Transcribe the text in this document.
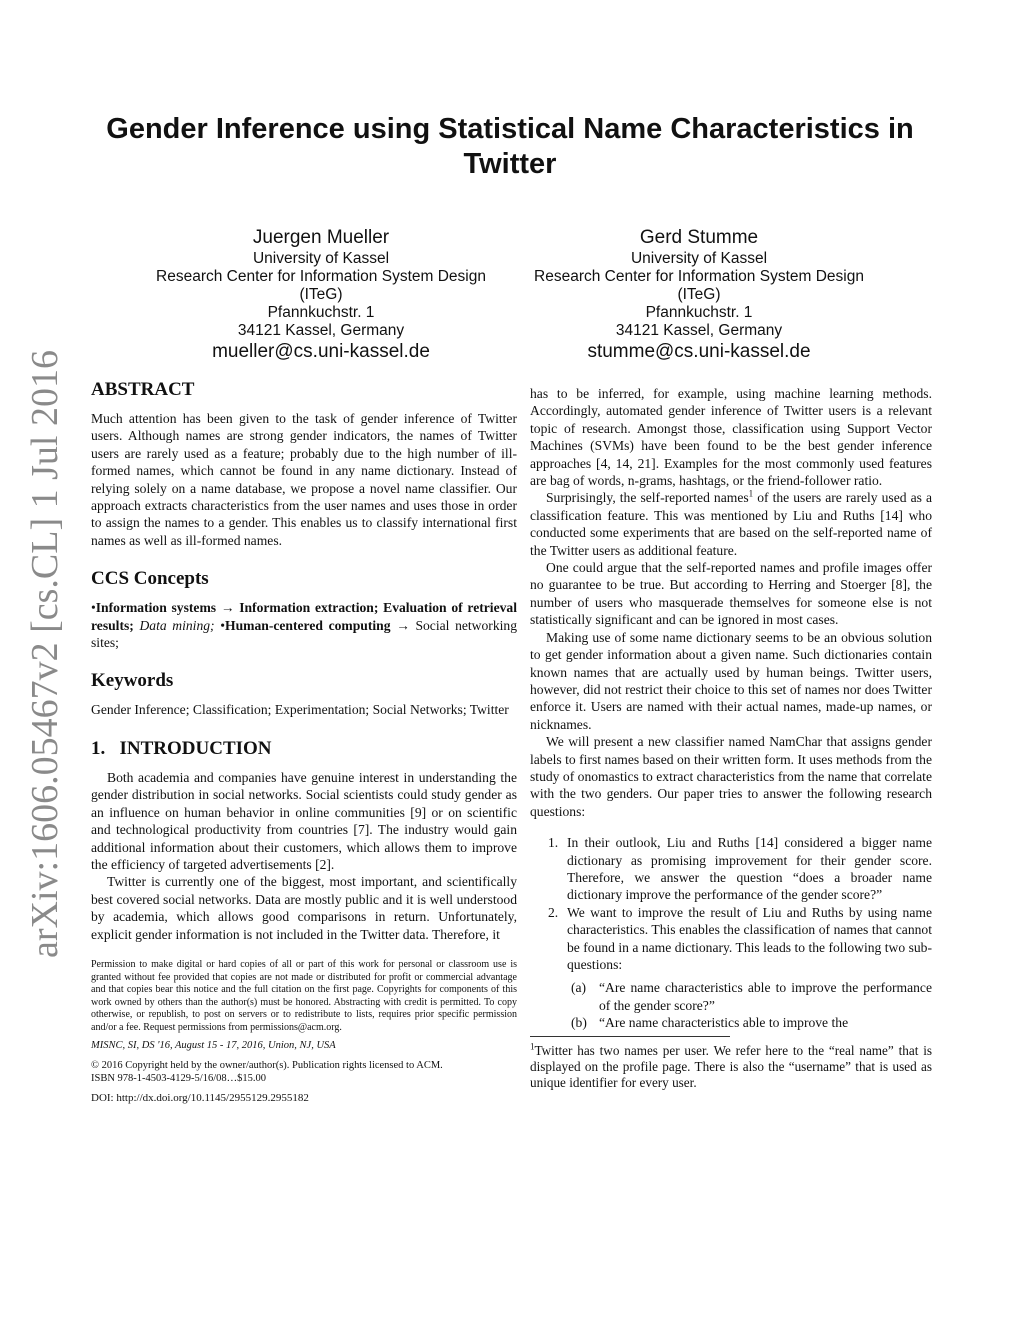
arXiv:1606.05467v2 [cs.CL] 1 Jul 2016
Gender Inference using Statistical Name Characteristics in
Twitter
Juergen Mueller
University of Kassel
Research Center for Information System Design
(ITeG)
Pfannkuchstr. 1
34121 Kassel, Germany
mueller@cs.uni-kassel.de
Gerd Stumme
University of Kassel
Research Center for Information System Design
(ITeG)
Pfannkuchstr. 1
34121 Kassel, Germany
stumme@cs.uni-kassel.de
ABSTRACT

Much attention has been given to the task of gender inference of Twitter users. Although names are strong gender indicators, the names of Twitter users are rarely used as a feature; probably due to the high number of ill-formed names, which cannot be found in any name dictionary. Instead of relying solely on a name database, we propose a novel name classifier. Our approach extracts characteristics from the user names and uses those in order to assign the names to a gender. This enables us to classify international first names as well as ill-formed names.

CCS Concepts

•Information systems → Information extraction; Evaluation of retrieval results; Data mining; •Human-centered computing → Social networking sites;

Keywords

Gender Inference; Classification; Experimentation; Social Networks; Twitter

1.   INTRODUCTION

Both academia and companies have genuine interest in understanding the gender distribution in social networks. Social scientists could study gender as an influence on human behavior in online communities [9] or on scientific and technological productivity from countries [7]. The industry would gain additional information about their customers, which allows them to improve the efficiency of targeted advertisements [2].

Twitter is currently one of the biggest, most important, and scientifically best covered social networks. Data are mostly public and it is well understood by academia, which allows good comparisons in return. Unfortunately, explicit gender information is not included in the Twitter data. Therefore, it

Permission to make digital or hard copies of all or part of this work for personal or classroom use is granted without fee provided that copies are not made or distributed for profit or commercial advantage and that copies bear this notice and the full citation on the first page. Copyrights for components of this work owned by others than the author(s) must be honored. Abstracting with credit is permitted. To copy otherwise, or republish, to post on servers or to redistribute to lists, requires prior specific permission and/or a fee. Request permissions from permissions@acm.org.

MISNC, SI, DS '16, August 15 - 17, 2016, Union, NJ, USA
© 2016 Copyright held by the owner/author(s). Publication rights licensed to ACM.
ISBN 978-1-4503-4129-5/16/08…$15.00
DOI: http://dx.doi.org/10.1145/2955129.2955182

has to be inferred, for example, using machine learning methods. Accordingly, automated gender inference of Twitter users is a relevant topic of research. Amongst those, classification using Support Vector Machines (SVMs) have been found to be the best gender inference approaches [4, 14, 21]. Examples for the most commonly used features are bag of words, n-grams, hashtags, or the friend-follower ratio.

Surprisingly, the self-reported names$^1$ of the users are rarely used as a classification feature. This was mentioned by Liu and Ruths [14] who conducted some experiments that are based on the self-reported name of the Twitter users as additional feature.

One could argue that the self-reported names and profile images offer no guarantee to be true. But according to Herring and Stoerger [8], the number of users who masquerade themselves for someone else is not statistically significant and can be ignored in most cases.

Making use of some name dictionary seems to be an obvious solution to get gender information about a given name. Such dictionaries contain known names that are actually used by human beings. Twitter users, however, did not restrict their choice to this set of names nor does Twitter enforce it. Users are named with their actual names, made-up names, or nicknames.

We will present a new classifier named NamChar that assigns gender labels to first names based on their written form. It uses methods from the study of onomastics to extract characteristics from the name that correlate with the two genders. Our paper tries to answer the following research questions:

1. In their outlook, Liu and Ruths [14] considered a bigger name dictionary as promising improvement for their gender score. Therefore, we answer the question “does a broader name dictionary improve the performance of the gender score?”
2. We want to improve the result of Liu and Ruths by using name characteristics. This enables the classification of names that cannot be found in a name dictionary. This leads to the following two sub-questions:
(a) “Are name characteristics able to improve the performance of the gender score?”
(b) “Are name characteristics able to improve the

$^1$Twitter has two names per user. We refer here to the “real name” that is displayed on the profile page. There is also the “username” that is used as unique identifier for every user.
